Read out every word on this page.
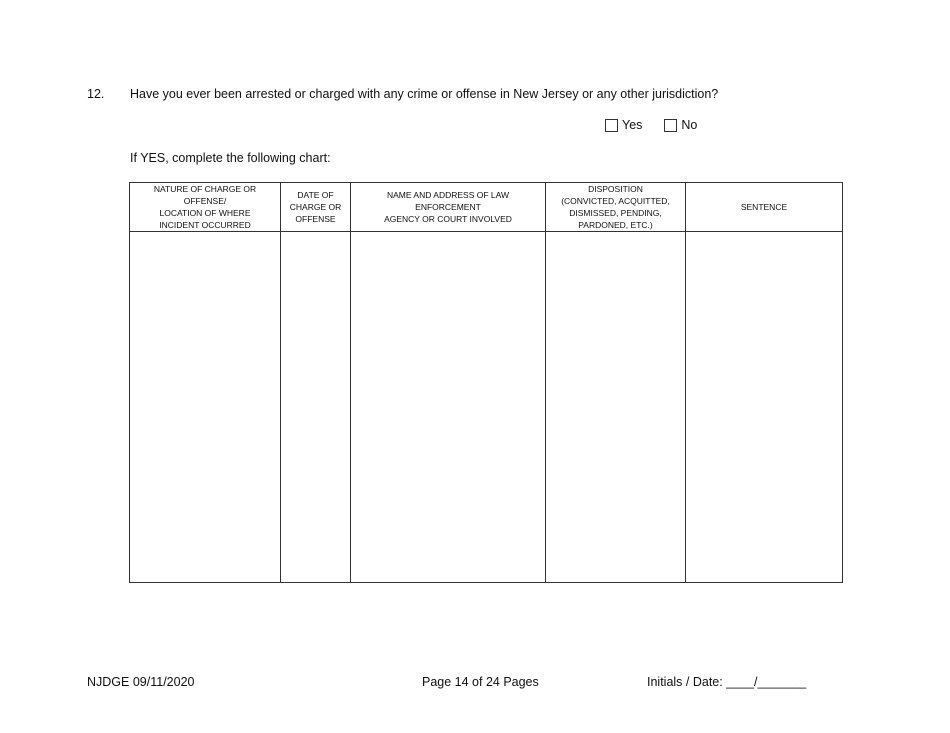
12. Have you ever been arrested or charged with any crime or offense in New Jersey or any other jurisdiction?
Yes	No
If YES, complete the following chart:
NATURE OF CHARGE OR OFFENSE/
LOCATION OF WHERE
INCIDENT OCCURRED	DATE OF
CHARGE OR
OFFENSE	NAME AND ADDRESS OF LAW ENFORCEMENT
AGENCY OR COURT INVOLVED	DISPOSITION
(CONVICTED, ACQUITTED,
DISMISSED, PENDING,
PARDONED, ETC.)	SENTENCE

NJDGE 09/11/2020	Page 14 of 24 Pages	Initials / Date: ____/_______
